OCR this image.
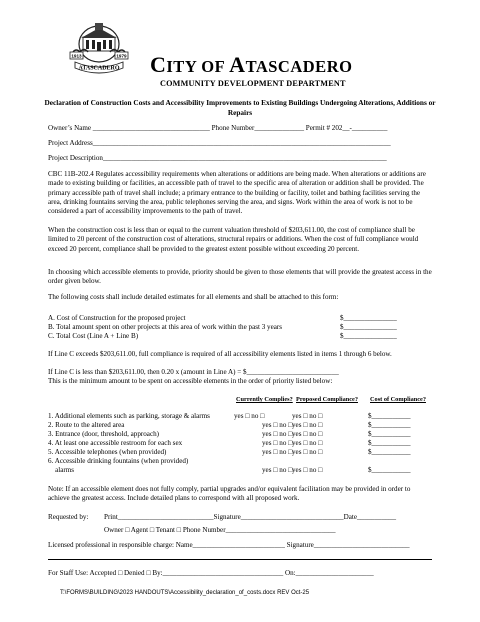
1913	1979
ATASCADERO CITY OF ATASCADERO
COMMUNITY DEVELOPMENT DEPARTMENT
Declaration of Construction Costs and Accessibility Improvements to Existing Buildings Undergoing Alterations, Additions or Repairs
Owner’s Name _________________________________ Phone Number______________ Permit # 202__-__________
Project Address____________________________________________________________________________________
Project Description________________________________________________________________________________
CBC 11B-202.4 Regulates accessibility requirements when alterations or additions are being made. When alterations or additions are made to existing building or facilities, an accessible path of travel to the specific area of alteration or addition shall be provided. The primary accessible path of travel shall include; a primary entrance to the building or facility, toilet and bathing facilities serving the area, drinking fountains serving the area, public telephones serving the area, and signs. Work within the area of work is not to be considered a part of accessibility improvements to the path of travel.
When the construction cost is less than or equal to the current valuation threshold of $203,611.00, the cost of compliance shall be limited to 20 percent of the construction cost of alterations, structural repairs or additions. When the cost of full compliance would exceed 20 percent, compliance shall be provided to the greatest extent possible without exceeding 20 percent.
In choosing which accessible elements to provide, priority should be given to those elements that will provide the greatest access in the order given below.
The following costs shall include detailed estimates for all elements and shall be attached to this form:
A. Cost of Construction for the proposed project	$_______________
B. Total amount spent on other projects at this area of work within the past 3 years	$_______________
C. Total Cost (Line A + Line B)	$_______________
If Line C exceeds $203,611.00, full compliance is required of all accessibility elements listed in items 1 through 6 below.
If Line C is less than $203,611.00, then 0.20 x (amount in Line A) = $__________________________
This is the minimum amount to be spent on accessible elements in the order of priority listed below:
Currently Complies? Proposed Compliance? Cost of Compliance?
1. Additional elements such as parking, storage & alarms	yes □ no □	yes □ no □	$___________
2. Route to the altered area	yes □ no □ yes □ no □	$___________
3. Entrance (door, threshold, approach)	yes □ no □ yes □ no □	$___________
4. At least one accessible restroom for each sex	yes □ no □ yes □ no □	$___________
5. Accessible telephones (when provided)	yes □ no □ yes □ no □	$___________
6. Accessible drinking fountains (when provided)
alarms	yes □ no □ yes □ no □	$___________
Note: If an accessible element does not fully comply, partial upgrades and/or equivalent facilitation may be provided in order to achieve the greatest access. Include detailed plans to correspond with all proposed work.
Requested by: Print___________________________Signature_____________________________Date___________
Owner □ Agent □ Tenant □ Phone Number_______________________________
Licensed professional in responsible charge: Name__________________________ Signature___________________________
For Staff Use: Accepted □ Denied □ By:__________________________________ On:______________________
T:\FORMS\BUILDING\2023 HANDOUTS\Accessibility_declaration_of_costs.docx REV Oct-25
